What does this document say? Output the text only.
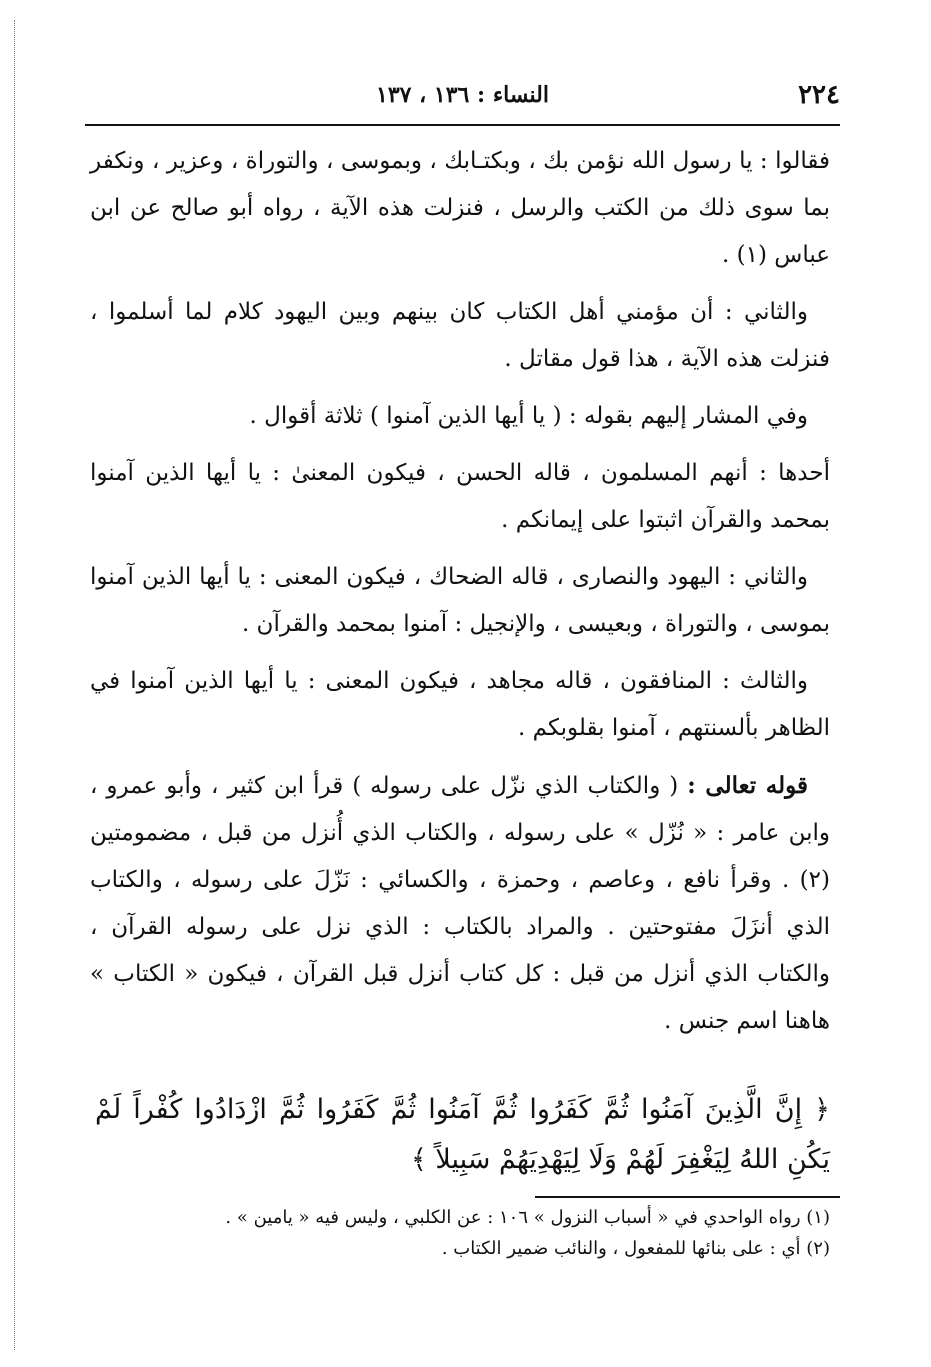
٢٢٤
النساء : ١٣٦ ، ١٣٧

فقالوا : يا رسول الله نؤمن بك ، وبكتـابك ، وبموسى ، والتوراة ، وعزير ، ونكفر بما سوى ذلك من الكتب والرسل ، فنزلت هذه الآية ، رواه أبو صالح عن ابن عباس (١) .

والثاني : أن مؤمني أهل الكتاب كان بينهم وبين اليهود كلام لما أسلموا ، فنزلت هذه الآية ، هذا قول مقاتل .

وفي المشار إليهم بقوله : ( يا أيها الذين آمنوا ) ثلاثة أقوال .

أحدها : أنهم المسلمون ، قاله الحسن ، فيكون المعنىٰ : يا أيها الذين آمنوا بمحمد والقرآن اثبتوا على إيمانكم .

والثاني : اليهود والنصارى ، قاله الضحاك ، فيكون المعنى : يا أيها الذين آمنوا بموسى ، والتوراة ، وبعيسى ، والإنجيل : آمنوا بمحمد والقرآن .

والثالث : المنافقون ، قاله مجاهد ، فيكون المعنى : يا أيها الذين آمنوا في الظاهر بألسنتهم ، آمنوا بقلوبكم .

قوله تعالى : ( والكتاب الذي نزّل على رسوله ) قرأ ابن كثير ، وأبو عمرو ، وابن عامر : « نُزّل » على رسوله ، والكتاب الذي أُنزل من قبل ، مضمومتين (٢) . وقرأ نافع ، وعاصم ، وحمزة ، والكسائي : نَزّلَ على رسوله ، والكتاب الذي أنزَلَ مفتوحتين . والمراد بالكتاب : الذي نزل على رسوله القرآن ، والكتاب الذي أنزل من قبل : كل كتاب أنزل قبل القرآن ، فيكون « الكتاب » هاهنا اسم جنس .

﴿ إِنَّ الَّذِينَ آمَنُوا ثُمَّ كَفَرُوا ثُمَّ آمَنُوا ثُمَّ كَفَرُوا ثُمَّ ازْدَادُوا كُفْراً لَمْ يَكُنِ اللهُ لِيَغْفِرَ لَهُمْ وَلَا لِيَهْدِيَهُمْ سَبِيلاً ﴾

(١) رواه الواحدي في « أسباب النزول » ١٠٦ : عن الكلبي ، وليس فيه « يامين » .

(٢) أي : على بنائها للمفعول ، والنائب ضمير الكتاب .
